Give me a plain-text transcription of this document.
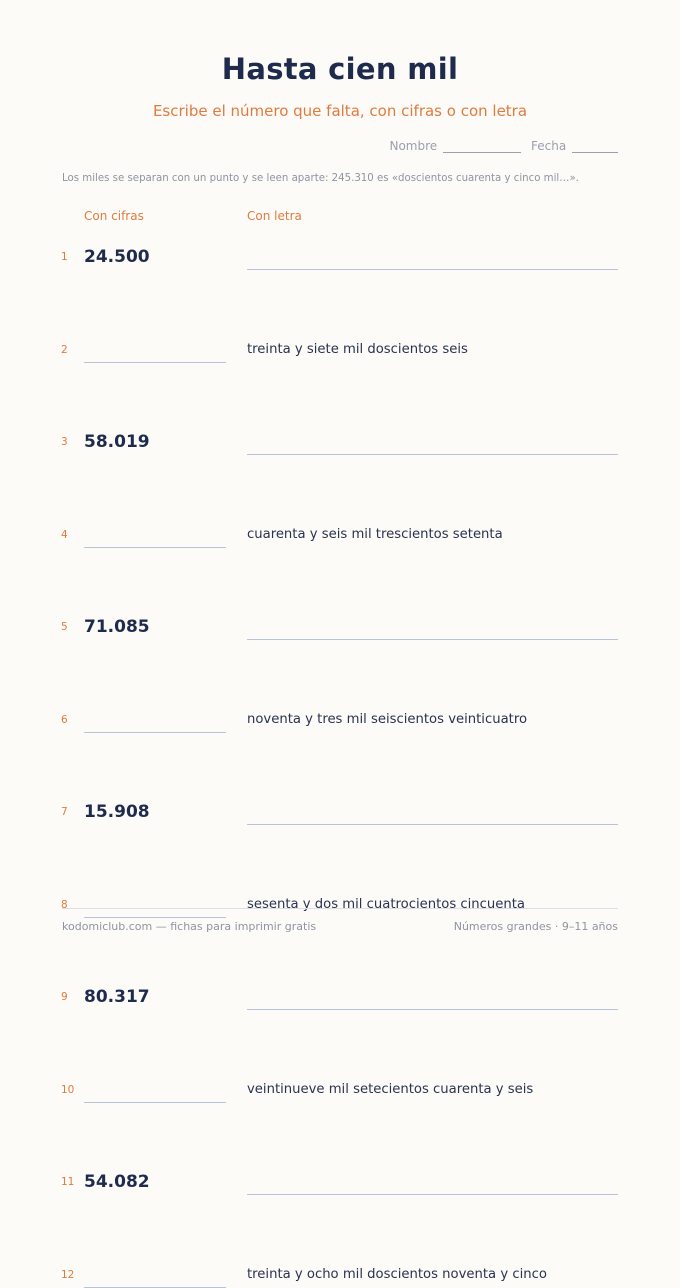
Hasta cien mil
Escribe el número que falta, con cifras o con letra
Nombre	Fecha
Los miles se separan con un punto y se leen aparte: 245.310 es «doscientos cuarenta y cinco mil…».
Con cifras	Con letra
1 24.500
2	treinta y siete mil doscientos seis
3 58.019
4	cuarenta y seis mil trescientos setenta
5 71.085
6	noventa y tres mil seiscientos veinticuatro
7 15.908
8	sesenta y dos mil cuatrocientos cincuenta
9 80.317
10	veintinueve mil setecientos cuarenta y seis
11 54.082
12	treinta y ocho mil doscientos noventa y cinco
kodomiclub.com — fichas para imprimir gratis	Números grandes · 9–11 años
